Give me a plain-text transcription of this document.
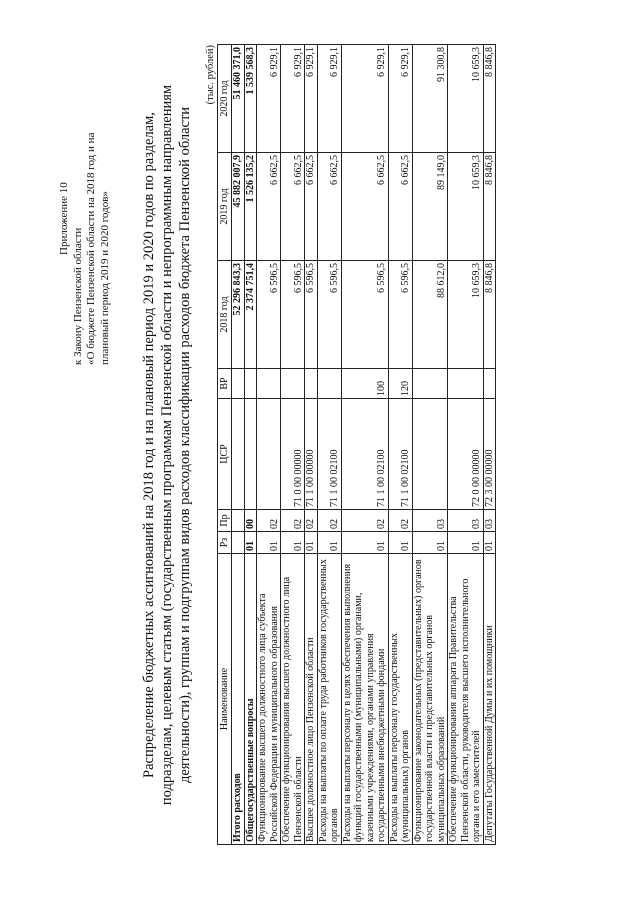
Приложение 10
к Закону Пензенской области «О бюджете Пензенской области на 2018 год и на плановый период 2019 и 2020 годов» Распределение бюджетных ассигнований на 2018 год и на плановый период 2019 и 2020 годов по разделам, подразделам, целевым статьям (государственным программам Пензенской области и непрограммным направлениям деятельности), группам и подгруппам видов расходов классификации расходов бюджета Пензенской области
(тыс. рублей)
Наименование	Рз	Пр	ЦСР	ВР	2018 год	2019 год	2020 год
Итого расходов					52 296 843,3	45 882 007,9	51 460 371,0
Общегосударственные вопросы	01	00			2 374 751,4	1 526 135,2	1 539 568,3
Функционирование высшего должностного лица субъекта Российской Федерации и муниципального образования	01	02			6 596,5	6 662,5	6 929,1
Обеспечение функционирования высшего должностного лица Пензенской области	01	02	71 0 00 00000		6 596,5	6 662,5	6 929,1
Высшее должностное лицо Пензенской области	01	02	71 1 00 00000		6 596,5	6 662,5	6 929,1
Расходы на выплаты по оплате труда работников государственных органов	01	02	71 1 00 02100		6 596,5	6 662,5	6 929,1
Расходы на выплаты персоналу в целях обеспечения выполнения функций государственными (муниципальными) органами, казенными учреждениями, органами управления государственными внебюджетными фондами	01	02	71 1 00 02100	100	6 596,5	6 662,5	6 929,1
Расходы на выплаты персоналу государственных (муниципальных) органов	01	02	71 1 00 02100	120	6 596,5	6 662,5	6 929,1
Функционирование законодательных (представительных) органов государственной власти и представительных органов муниципальных образований	01	03			88 612,0	89 149,0	91 300,8
Обеспечение функционирования аппарата Правительства Пензенской области, руководителя высшего исполнительного органа и его заместителей	01	03	72 0 00 00000		10 659,3	10 659,3	10 659,3
Депутаты Государственной Думы и их помощники	01	03	72 3 00 00000		8 846,8	8 846,8	8 846,8
